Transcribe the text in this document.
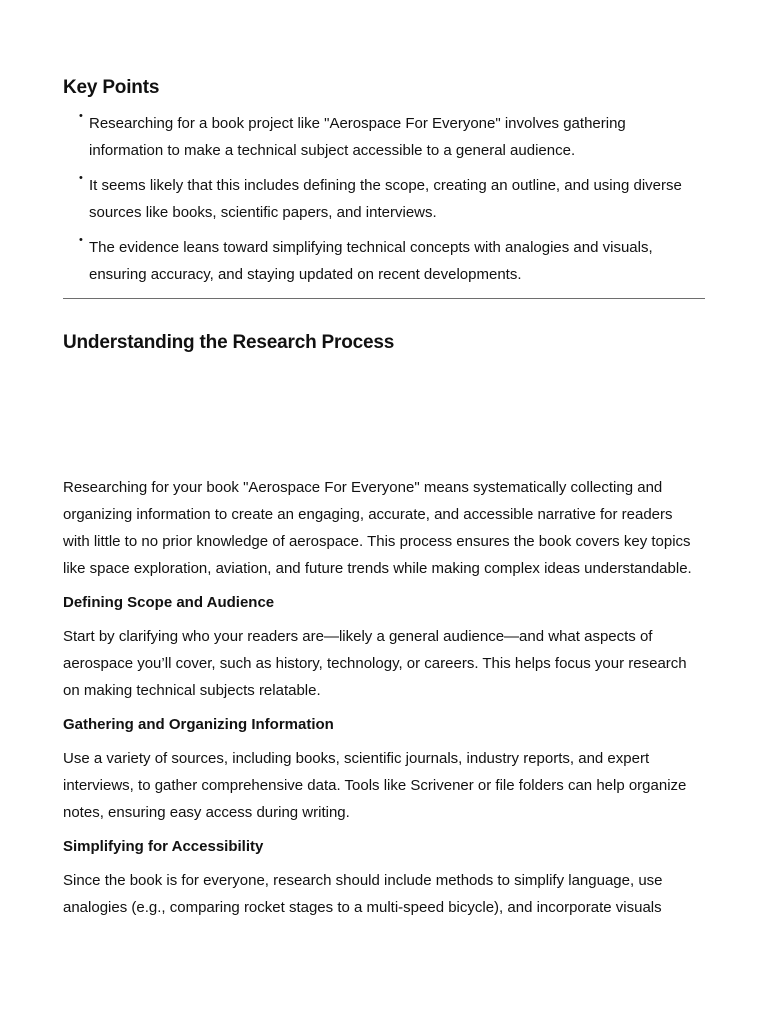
Key Points
• Researching for a book project like "Aerospace For Everyone" involves gathering information to make a technical subject accessible to a general audience.
• It seems likely that this includes defining the scope, creating an outline, and using diverse sources like books, scientific papers, and interviews.
• The evidence leans toward simplifying technical concepts with analogies and visuals, ensuring accuracy, and staying updated on recent developments.
Understanding the Research Process

Researching for your book "Aerospace For Everyone" means systematically collecting and organizing information to create an engaging, accurate, and accessible narrative for readers with little to no prior knowledge of aerospace. This process ensures the book covers key topics like space exploration, aviation, and future trends while making complex ideas understandable.

Defining Scope and Audience

Start by clarifying who your readers are—likely a general audience—and what aspects of aerospace you’ll cover, such as history, technology, or careers. This helps focus your research on making technical subjects relatable.

Gathering and Organizing Information

Use a variety of sources, including books, scientific journals, industry reports, and expert interviews, to gather comprehensive data. Tools like Scrivener or file folders can help organize notes, ensuring easy access during writing.

Simplifying for Accessibility

Since the book is for everyone, research should include methods to simplify language, use analogies (e.g., comparing rocket stages to a multi-speed bicycle), and incorporate visuals
